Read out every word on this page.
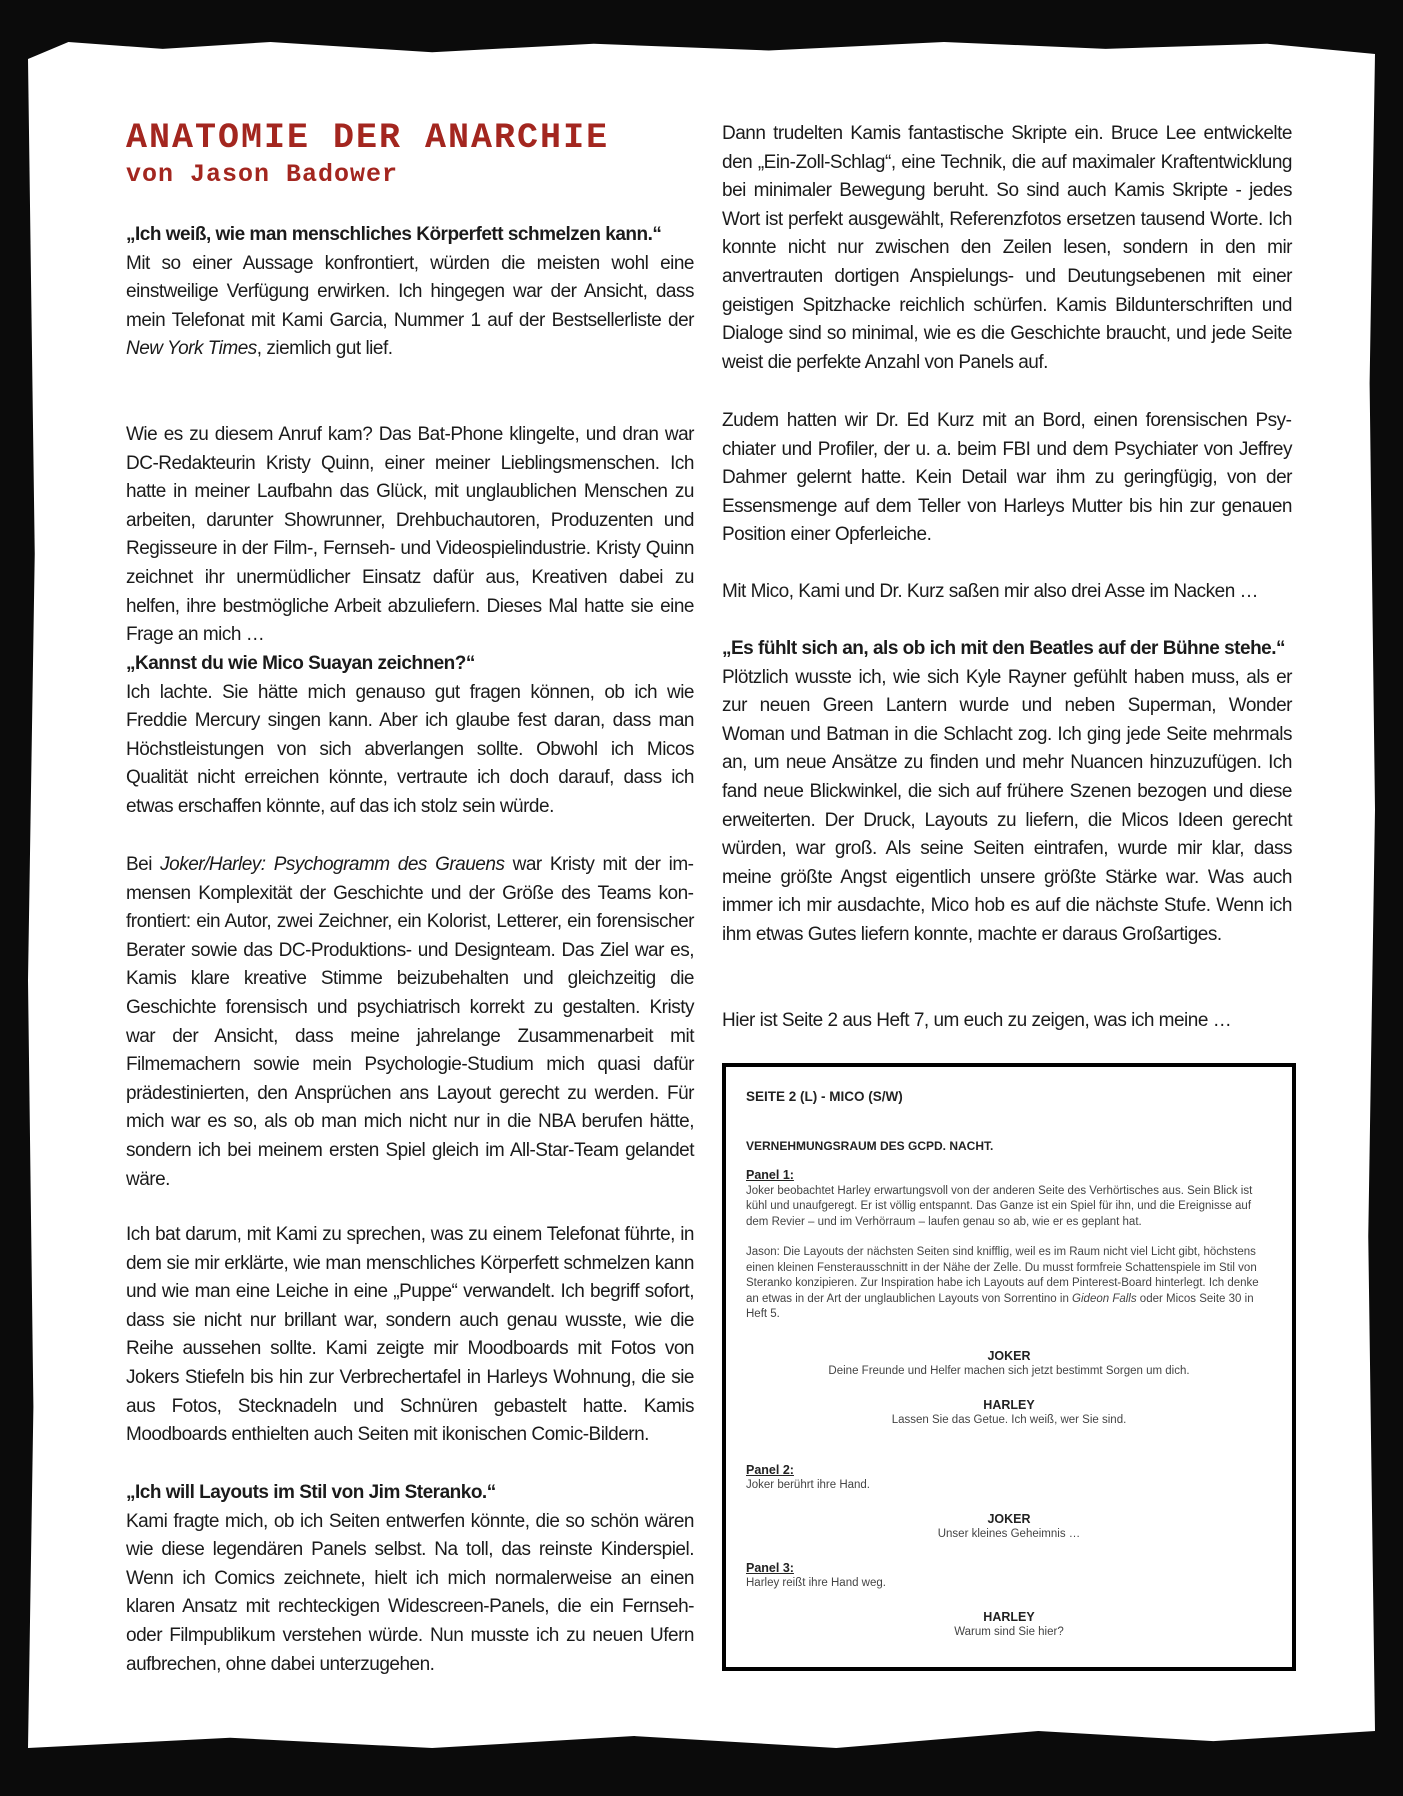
ANATOMIE DER ANARCHIE
von Jason Badower
„Ich weiß, wie man menschliches Körperfett schmelzen kann.“
Mit so einer Aussage konfrontiert, würden die meisten wohl eine einstweilige Verfügung erwirken. Ich hingegen war der Ansicht, dass mein Telefonat mit Kami Garcia, Nummer 1 auf der Bestsellerliste der New York Times, ziemlich gut lief.
Wie es zu diesem Anruf kam? Das Bat-Phone klingelte, und dran war DC-Redakteurin Kristy Quinn, einer meiner Lieblingsmenschen. Ich hatte in meiner Laufbahn das Glück, mit unglaublichen Menschen zu arbeiten, darunter Showrunner, Drehbuchautoren, Produzenten und Regisseure in der Film-, Fernseh- und Videospielindustrie. Kristy Quinn zeichnet ihr unermüdlicher Einsatz dafür aus, Kreativen dabei zu helfen, ihre bestmögliche Arbeit abzuliefern. Dieses Mal hatte sie eine Frage an mich …
„Kannst du wie Mico Suayan zeichnen?“
Ich lachte. Sie hätte mich genauso gut fragen können, ob ich wie Freddie Mercury singen kann. Aber ich glaube fest daran, dass man Höchstleistungen von sich abverlangen sollte. Obwohl ich Micos Qualität nicht erreichen könnte, vertraute ich doch darauf, dass ich etwas erschaffen könnte, auf das ich stolz sein würde.
Bei Joker/Harley: Psychogramm des Grauens war Kristy mit der immensen Komplexität der Geschichte und der Größe des Teams konfrontiert: ein Autor, zwei Zeichner, ein Kolorist, Letterer, ein forensischer Berater sowie das DC-Produktions- und Designteam. Das Ziel war es, Kamis klare kreative Stimme beizubehalten und gleichzeitig die Geschichte forensisch und psychiatrisch korrekt zu gestalten. Kristy war der Ansicht, dass meine jahrelange Zusammenarbeit mit Filmemachern sowie mein Psychologie-Studium mich quasi dafür prädestinierten, den Ansprüchen ans Layout gerecht zu werden. Für mich war es so, als ob man mich nicht nur in die NBA berufen hätte, sondern ich bei meinem ersten Spiel gleich im All-Star-Team gelandet wäre.
Ich bat darum, mit Kami zu sprechen, was zu einem Telefonat führte, in dem sie mir erklärte, wie man menschliches Körperfett schmelzen kann und wie man eine Leiche in eine „Puppe“ verwandelt. Ich begriff sofort, dass sie nicht nur brillant war, sondern auch genau wusste, wie die Reihe aussehen sollte. Kami zeigte mir Moodboards mit Fotos von Jokers Stiefeln bis hin zur Verbrechertafel in Harleys Wohnung, die sie aus Fotos, Stecknadeln und Schnüren gebastelt hatte. Kamis Moodboards enthielten auch Seiten mit ikonischen Comic-Bildern.
„Ich will Layouts im Stil von Jim Steranko.“
Kami fragte mich, ob ich Seiten entwerfen könnte, die so schön wären wie diese legendären Panels selbst. Na toll, das reinste Kinderspiel. Wenn ich Comics zeichnete, hielt ich mich normalerweise an einen klaren Ansatz mit rechteckigen Widescreen-Panels, die ein Fernseh- oder Filmpublikum verstehen würde. Nun musste ich zu neuen Ufern aufbrechen, ohne dabei unterzugehen.
Dann trudelten Kamis fantastische Skripte ein. Bruce Lee entwickelte den „Ein-Zoll-Schlag“, eine Technik, die auf maximaler Kraftentwicklung bei minimaler Bewegung beruht. So sind auch Kamis Skripte - jedes Wort ist perfekt ausgewählt, Referenzfotos ersetzen tausend Worte. Ich konnte nicht nur zwischen den Zeilen lesen, sondern in den mir anvertrauten dortigen Anspielungs- und Deutungsebenen mit einer geistigen Spitzhacke reichlich schürfen. Kamis Bildunterschriften und Dialoge sind so minimal, wie es die Geschichte braucht, und jede Seite weist die perfekte Anzahl von Panels auf.
Zudem hatten wir Dr. Ed Kurz mit an Bord, einen forensischen Psychiater und Profiler, der u. a. beim FBI und dem Psychiater von Jeffrey Dahmer gelernt hatte. Kein Detail war ihm zu geringfügig, von der Essensmenge auf dem Teller von Harleys Mutter bis hin zur genauen Position einer Opferleiche.
Mit Mico, Kami und Dr. Kurz saßen mir also drei Asse im Nacken …
„Es fühlt sich an, als ob ich mit den Beatles auf der Bühne stehe.“
Plötzlich wusste ich, wie sich Kyle Rayner gefühlt haben muss, als er zur neuen Green Lantern wurde und neben Superman, Wonder Woman und Batman in die Schlacht zog. Ich ging jede Seite mehrmals an, um neue Ansätze zu finden und mehr Nuancen hinzuzufügen. Ich fand neue Blickwinkel, die sich auf frühere Szenen bezogen und diese erweiterten. Der Druck, Layouts zu liefern, die Micos Ideen gerecht würden, war groß. Als seine Seiten eintrafen, wurde mir klar, dass meine größte Angst eigentlich unsere größte Stärke war. Was auch immer ich mir ausdachte, Mico hob es auf die nächste Stufe. Wenn ich ihm etwas Gutes liefern konnte, machte er daraus Großartiges.
Hier ist Seite 2 aus Heft 7, um euch zu zeigen, was ich meine …
SEITE 2 (L) - MICO (S/W)
VERNEHMUNGSRAUM DES GCPD. NACHT.
Panel 1:
Joker beobachtet Harley erwartungsvoll von der anderen Seite des Verhörtisches aus. Sein Blick ist kühl und unaufgeregt. Er ist völlig entspannt. Das Ganze ist ein Spiel für ihn, und die Ereignisse auf dem Revier – und im Verhörraum – laufen genau so ab, wie er es geplant hat.
Jason: Die Layouts der nächsten Seiten sind knifflig, weil es im Raum nicht viel Licht gibt, höchstens einen kleinen Fensterausschnitt in der Nähe der Zelle. Du musst formfreie Schattenspiele im Stil von Steranko konzipieren. Zur Inspiration habe ich Layouts auf dem Pinterest-Board hinterlegt. Ich denke an etwas in der Art der unglaublichen Layouts von Sorrentino in Gideon Falls oder Micos Seite 30 in Heft 5.
JOKER
Deine Freunde und Helfer machen sich jetzt bestimmt Sorgen um dich.
HARLEY
Lassen Sie das Getue. Ich weiß, wer Sie sind.
Panel 2:
Joker berührt ihre Hand.
JOKER
Unser kleines Geheimnis …
Panel 3:
Harley reißt ihre Hand weg.
HARLEY
Warum sind Sie hier?
